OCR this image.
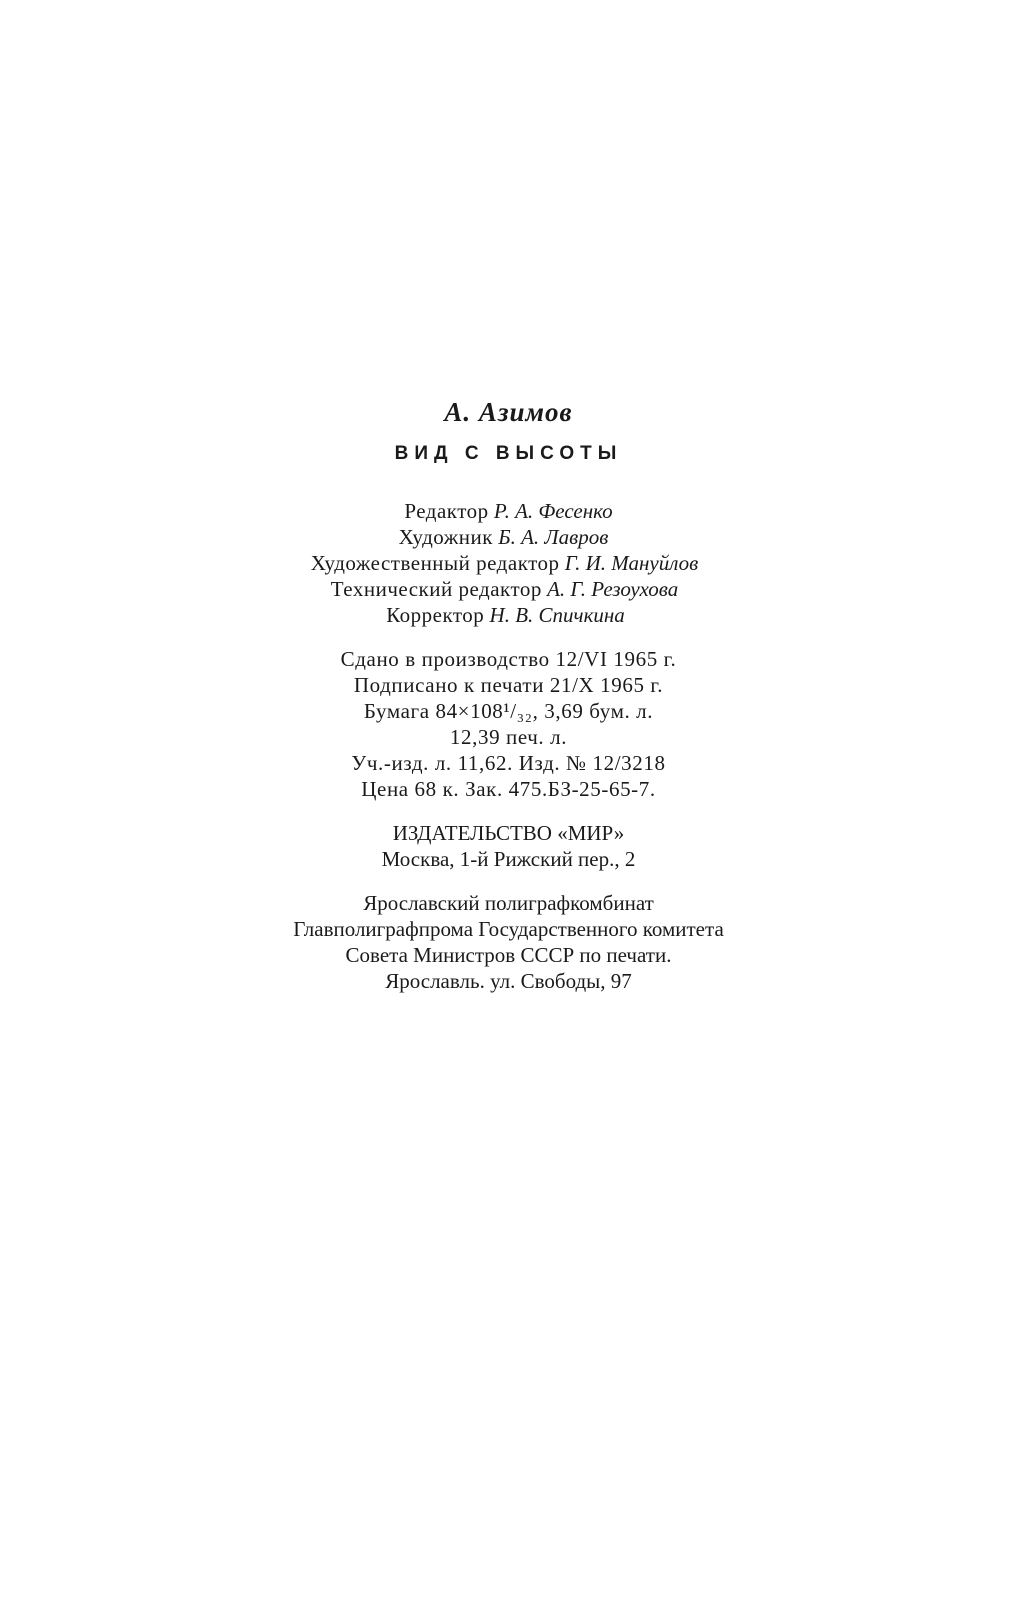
А. Азимов

ВИД С ВЫСОТЫ

Редактор Р. А. Фесенко
Художник Б. А. Лавров
Художественный редактор Г. И. Мануйлов
Технический редактор А. Г. Резоухова
Корректор Н. В. Спичкина
Сдано в производство 12/VI 1965 г.
Подписано к печати 21/X 1965 г.
Бумага 84×108¹/₃₂, 3,69 бум. л.
12,39 печ. л.
Уч.-изд. л. 11,62. Изд. № 12/3218
Цена 68 к. Зак. 475.БЗ-25-65-7.
ИЗДАТЕЛЬСТВО «МИР»
Москва, 1-й Рижский пер., 2
Ярославский полиграфкомбинат
Главполиграфпрома Государственного комитета
Совета Министров СССР по печати.
Ярославль. ул. Свободы, 97
